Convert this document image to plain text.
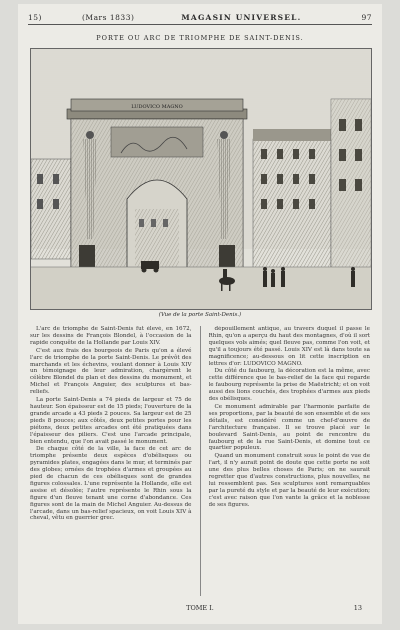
15)	(Mars 1833)	MAGASIN UNIVERSEL.	97
PORTE OU ARC DE TRIOMPHE DE SAINT-DENIS.
LUDOVICO MAGNO
(Vue de la porte Saint-Denis.)

L'arc de triomphe de Saint-Denis fut élevé, en 1672, sur les dessins de François Blondel, à l'occasion de la rapide conquête de la Hollande par Louis XIV.

C'est aux frais des bourgeois de Paris qu'on a élevé l'arc de triomphe de la porte Saint-Denis. Le prévôt des marchands et les échevins, voulant donner à Louis XIV un témoignage de leur admiration, chargèrent le célèbre Blondel du plan et des dessins du monument, et Michel et François Anguier, des sculptures et bas-reliefs.

La porte Saint-Denis a 74 pieds de largeur et 75 de hauteur. Son épaisseur est de 15 pieds; l'ouverture de la grande arcade a 43 pieds 2 pouces. Sa largeur est de 25 pieds 8 pouces; aux côtés, deux petites portes pour les piétons, deux petites arcades ont été pratiquées dans l'épaisseur des piliers. C'est une l'arcade principale, bien entendu, que l'on avait passé le monument.

De chaque côté de la ville, la face de cet arc de triomphe présente deux espèces d'obélisques ou pyramides plates, engagées dans le mur, et terminés par des globes; ornées de trophées d'armes et groupées au pied de chacun de ces obélisques sont de grandes figures colossales. L'une représente la Hollande, elle est assise et désolée; l'autre représente le Rhin sous la figure d'un fleuve tenant une corne d'abondance. Ces figures sont de la main de Michel Anguier. Au-dessus de l'arcade, dans un bas-relief spacieux, on voit Louis XIV à cheval, vêtu en guerrier grec.

dépouillement antique, au travers duquel il passe le Rhin, qu'on a aperçu du haut des montagnes, d'où il sort quelques vols aimés; quel fleuve pas, comme l'on voit, et qu'il a toujours été passé. Louis XIV est là dans toute sa magnificence; au-dessous on lit cette inscription en lettres d'or: LUDOVICO MAGNO.

Du côté du faubourg, la décoration est la même, avec cette différence que le bas-relief de la face qui regarde le faubourg représente la prise de Maëstricht; et on voit aussi des lions couchés, des trophées d'armes aux pieds des obélisques.

Ce monument admirable par l'harmonie parfaite de ses proportions, par la beauté de son ensemble et de ses détails, est considéré comme un chef-d'œuvre de l'architecture française. Il se trouve placé sur le boulevard Saint-Denis, au point de rencontre du faubourg et de la rue Saint-Denis, et domine tout ce quartier populeux.

Quand un monument construit sous le point de vue de l'art, il n'y aurait point de doute que cette porte ne soit une des plus belles choses de Paris; on ne saurait regretter que d'autres constructions, plus nouvelles, ne lui ressemblent pas. Ses sculptures sont remarquables par la pureté du style et par la beauté de leur exécution; c'est avec raison que l'on vante la grâce et la noblesse de ses figures.

TOME I.	13
